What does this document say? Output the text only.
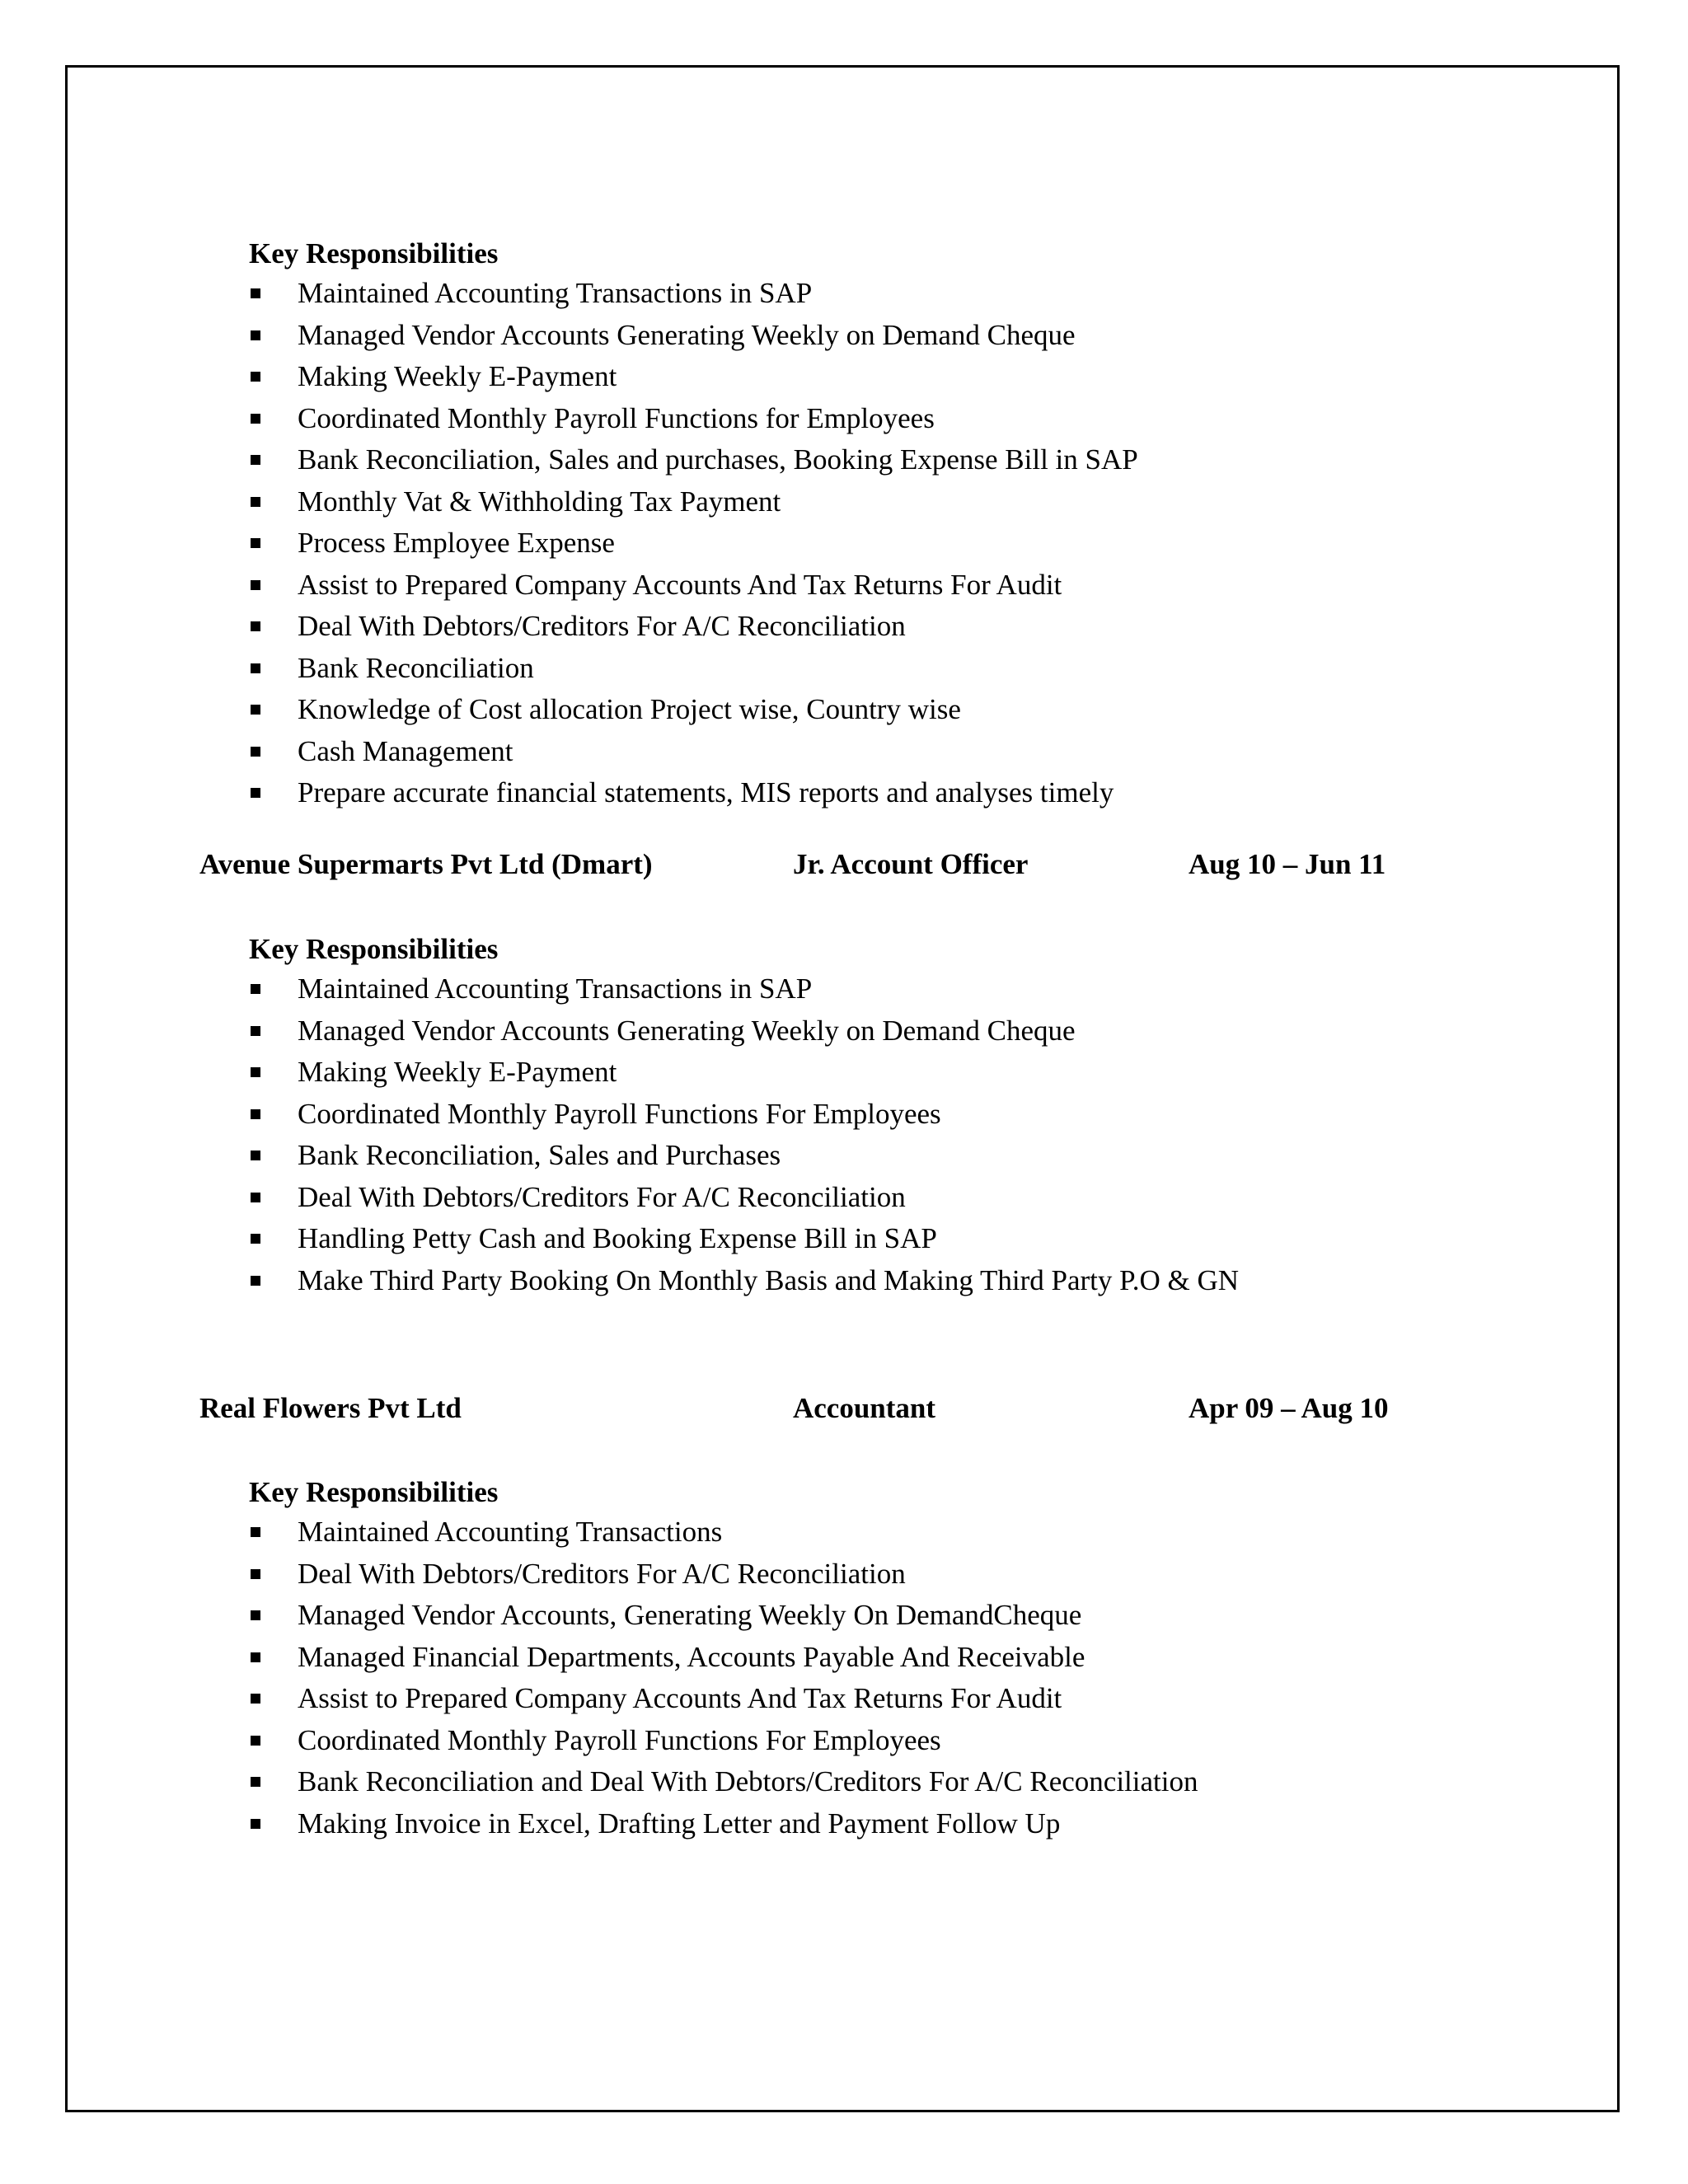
Key Responsibilities
Maintained Accounting Transactions in SAP
Managed Vendor Accounts Generating Weekly on Demand Cheque
Making Weekly E-Payment
Coordinated Monthly Payroll Functions for Employees
Bank Reconciliation, Sales and purchases, Booking Expense Bill in SAP
Monthly Vat & Withholding Tax Payment
Process Employee Expense
Assist to Prepared Company Accounts And Tax Returns For Audit
Deal With Debtors/Creditors For A/C Reconciliation
Bank Reconciliation
Knowledge of Cost allocation Project wise, Country wise
Cash Management
Prepare accurate financial statements, MIS reports and analyses timely
Avenue Supermarts Pvt Ltd (Dmart)	Jr. Account Officer	Aug 10 – Jun 11
Key Responsibilities
Maintained Accounting Transactions in SAP
Managed Vendor Accounts Generating Weekly on Demand Cheque
Making Weekly E-Payment
Coordinated Monthly Payroll Functions For Employees
Bank Reconciliation, Sales and Purchases
Deal With Debtors/Creditors For A/C Reconciliation
Handling Petty Cash and Booking Expense Bill in SAP
Make Third Party Booking On Monthly Basis and Making Third Party P.O & GN
Real Flowers Pvt Ltd	Accountant	Apr 09 – Aug 10
Key Responsibilities
Maintained Accounting Transactions
Deal With Debtors/Creditors For A/C Reconciliation
Managed Vendor Accounts, Generating Weekly On DemandCheque
Managed Financial Departments, Accounts Payable And Receivable
Assist to Prepared Company Accounts And Tax Returns For Audit
Coordinated Monthly Payroll Functions For Employees
Bank Reconciliation and Deal With Debtors/Creditors For A/C Reconciliation
Making Invoice in Excel, Drafting Letter and Payment Follow Up
